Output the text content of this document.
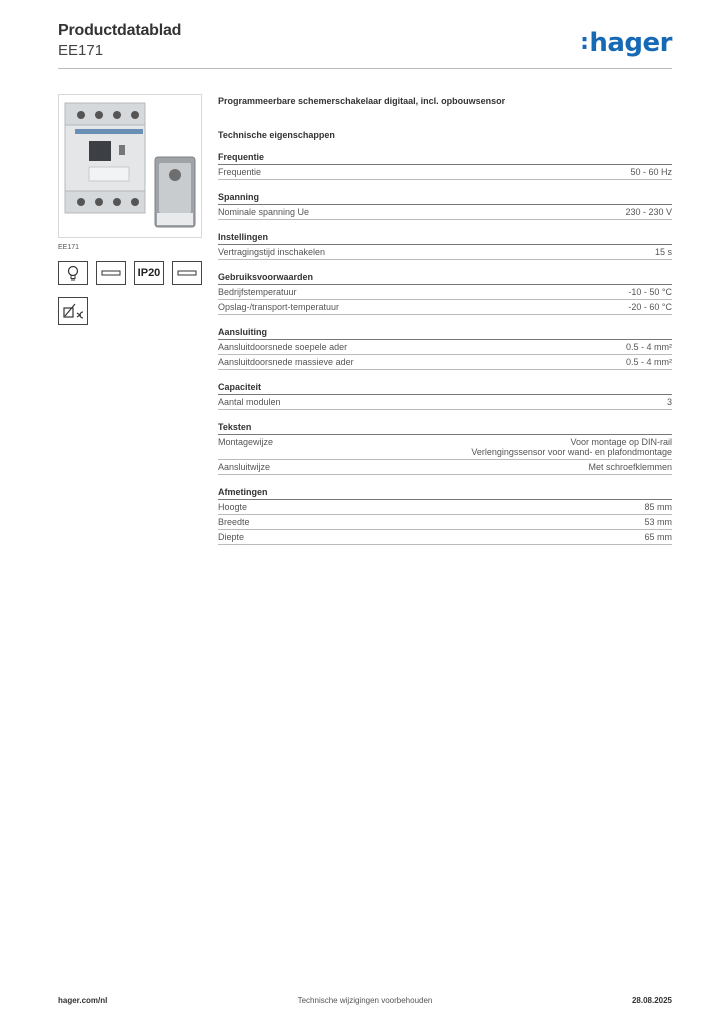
Productdatablad
EE171	:hager
EE171
IP20
Programmeerbare schemerschakelaar digitaal, incl. opbouwsensor
Technische eigenschappen
Frequentie
Frequentie	50 - 60 Hz
Spanning
Nominale spanning Ue	230 - 230 V
Instellingen
Vertragingstijd inschakelen	15 s
Gebruiksvoorwaarden
Bedrijfstemperatuur	-10 - 50 °C
Opslag-/transport-temperatuur	-20 - 60 °C
Aansluiting
Aansluitdoorsnede soepele ader	0.5 - 4 mm²
Aansluitdoorsnede massieve ader	0.5 - 4 mm²
Capaciteit
Aantal modulen	3
Teksten
Montagewijze	Voor montage op DIN-rail
Verlengingssensor voor wand- en plafondmontage
Aansluitwijze	Met schroefklemmen
Afmetingen
Hoogte	85 mm
Breedte	53 mm
Diepte	65 mm
Technische wijzigingen voorbehouden
hager.com/nl	28.08.2025
